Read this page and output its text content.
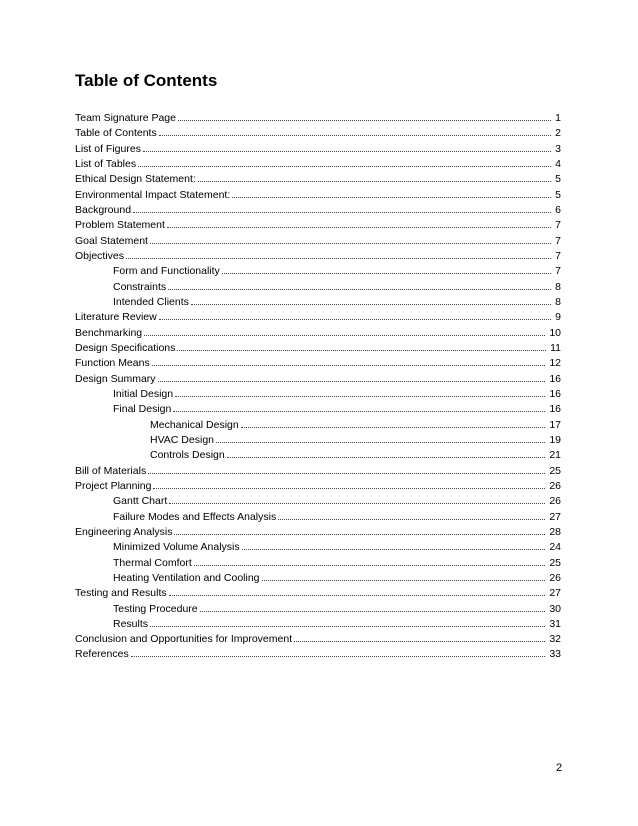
Table of Contents
Team Signature Page	1
Table of Contents	2
List of Figures	3
List of Tables	4
Ethical Design Statement:	5
Environmental Impact Statement:	5
Background	6
Problem Statement	7
Goal Statement	7
Objectives	7
Form and Functionality	7
Constraints	8
Intended Clients	8
Literature Review	9
Benchmarking	10
Design Specifications	11
Function Means	12
Design Summary	16
Initial Design	16
Final Design	16
Mechanical Design	17
HVAC Design	19
Controls Design	21
Bill of Materials	25
Project Planning	26
Gantt Chart	26
Failure Modes and Effects Analysis	27
Engineering Analysis	28
Minimized Volume Analysis	24
Thermal Comfort	25
Heating Ventilation and Cooling	26
Testing and Results	27
Testing Procedure	30
Results	31
Conclusion and Opportunities for Improvement	32
References	33
2
